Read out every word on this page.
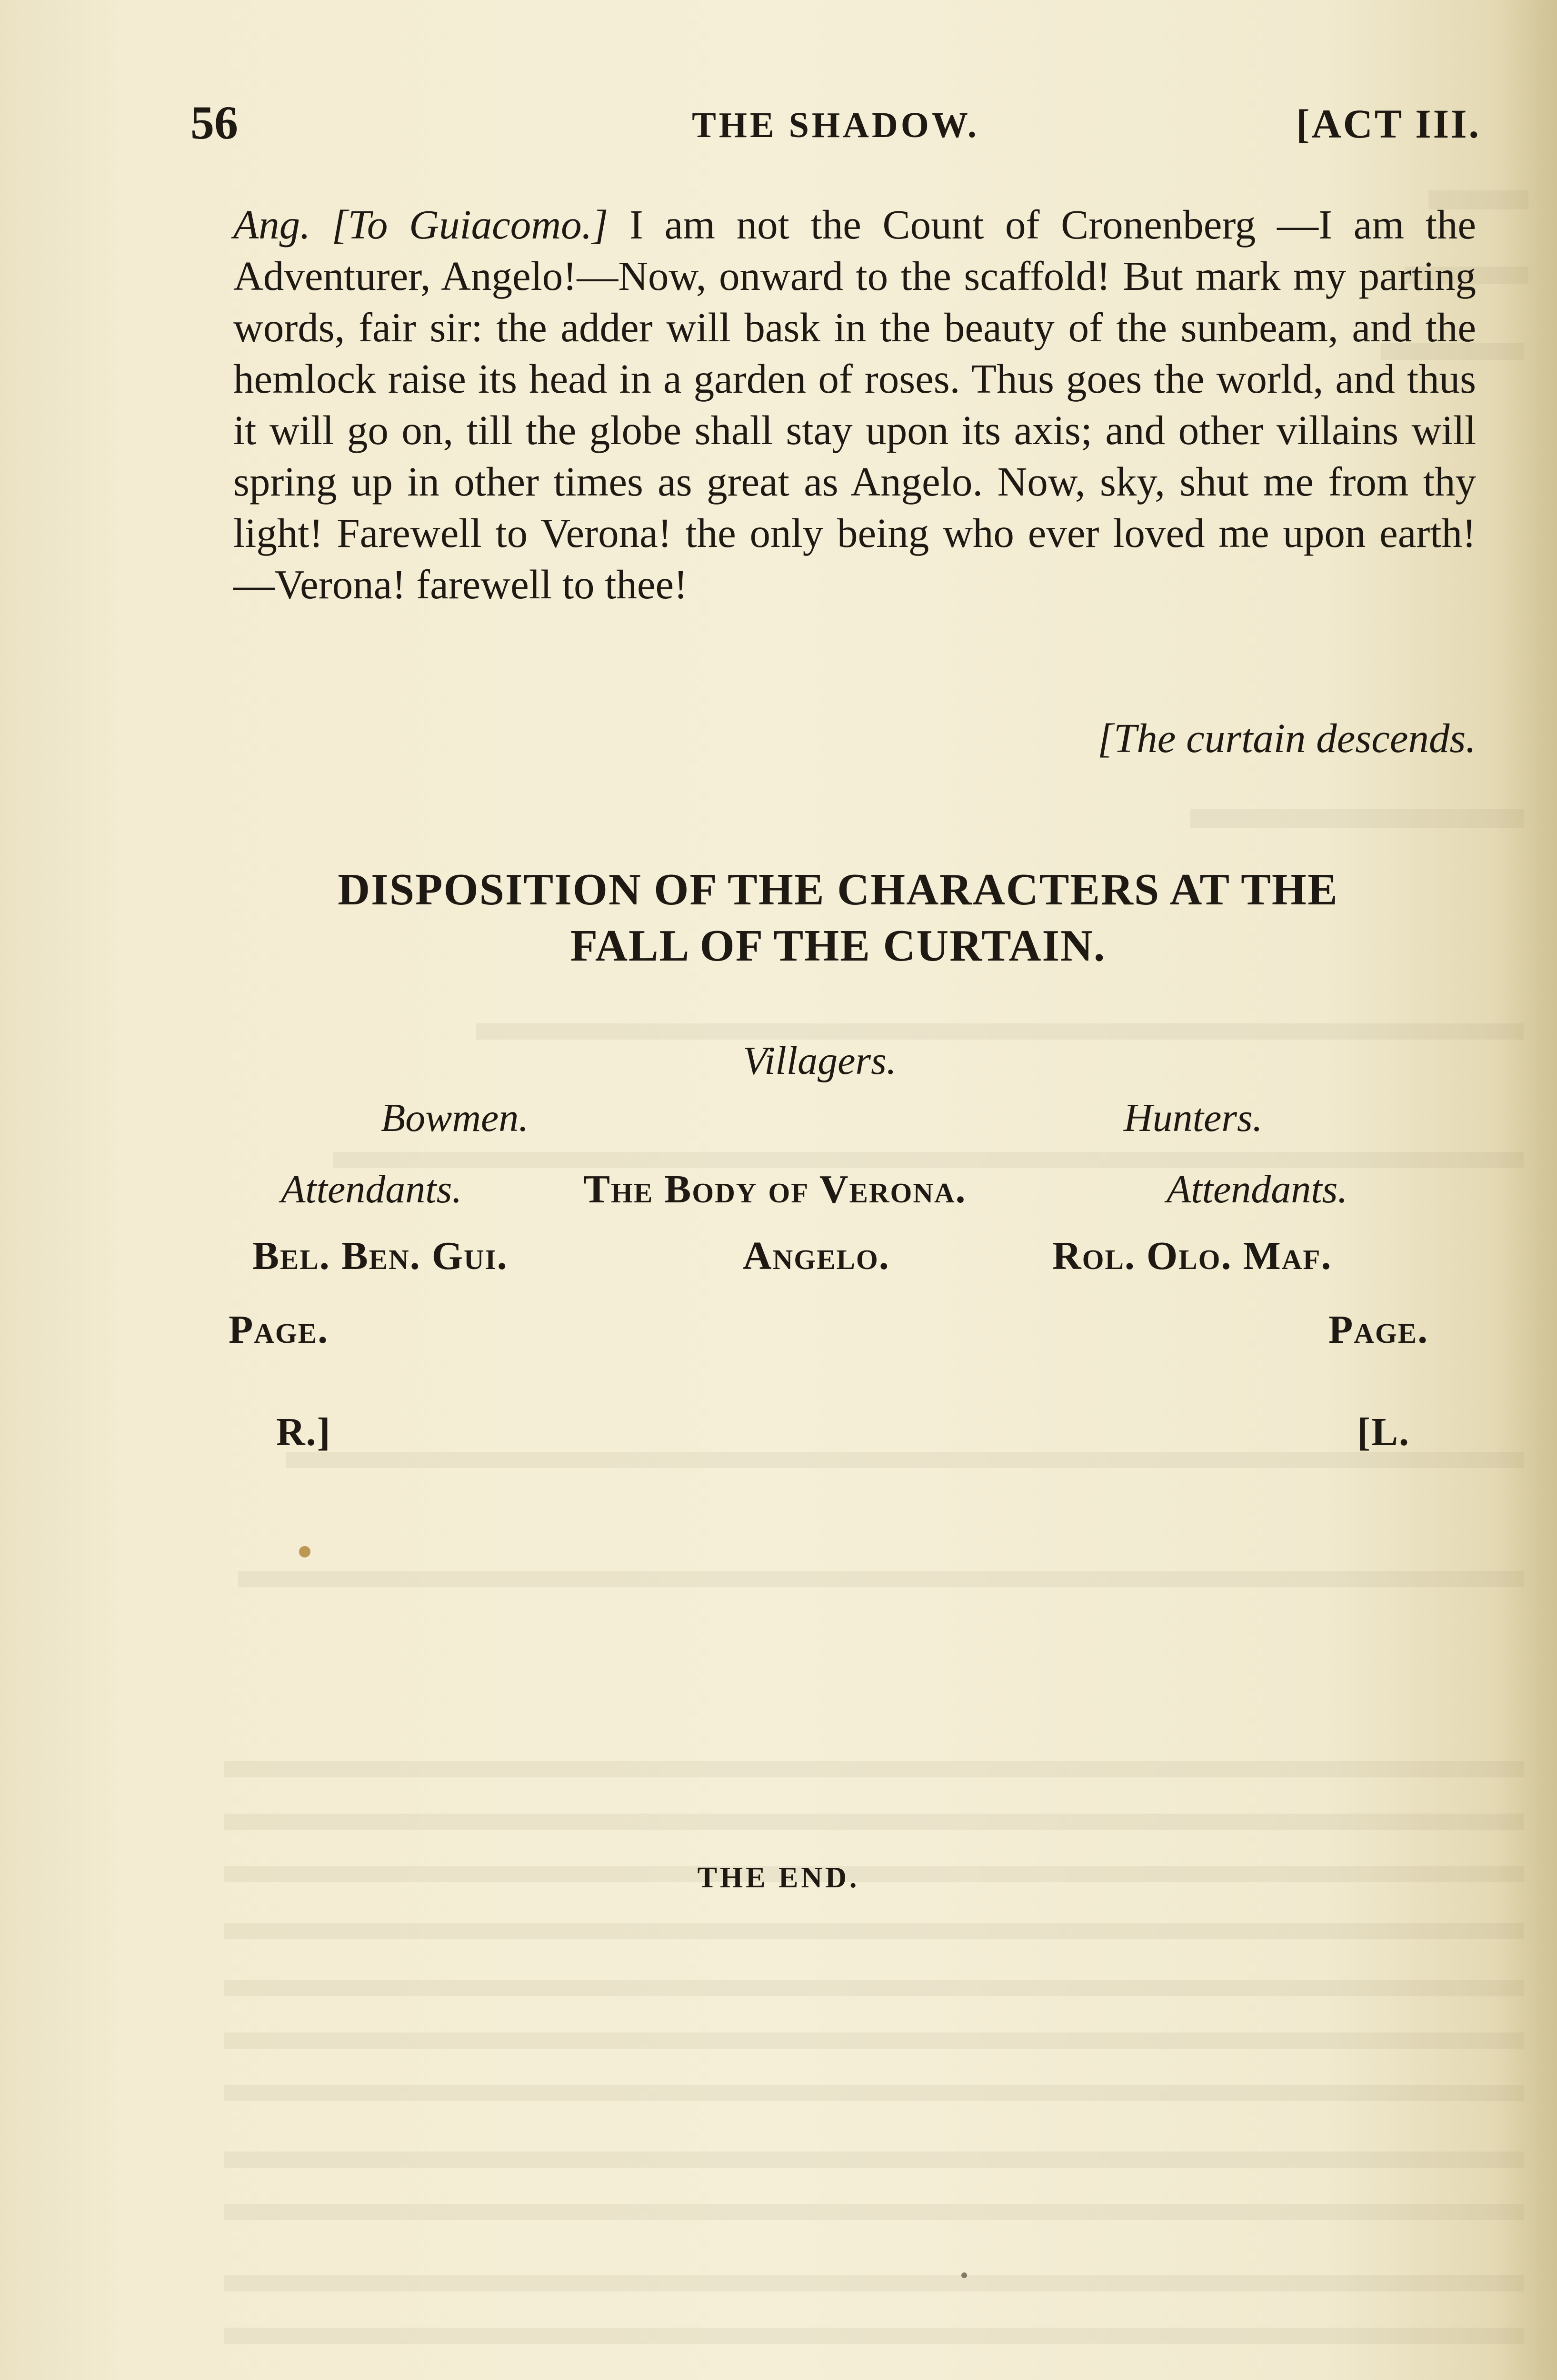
56	THE SHADOW.	[ACT III.
Ang. [To Guiacomo.] I am not the Count of Cronenberg —I am the Adventurer, Angelo!—Now, onward to the scaffold! But mark my parting words, fair sir: the adder will bask in the beauty of the sunbeam, and the hemlock raise its head in a garden of roses. Thus goes the world, and thus it will go on, till the globe shall stay upon its axis; and other villains will spring up in other times as great as Angelo. Now, sky, shut me from thy light! Farewell to Verona! the only being who ever loved me upon earth!—Verona! farewell to thee!
[The curtain descends.
DISPOSITION OF THE CHARACTERS AT THE
FALL OF THE CURTAIN.
Villagers.
Bowmen.	Hunters.
Attendants.	The Body of Verona.	Attendants.
Bel. Ben. Gui.	Angelo.	Rol. Olo. Maf.
Page.	Page.
R.]	[L.
THE END.
